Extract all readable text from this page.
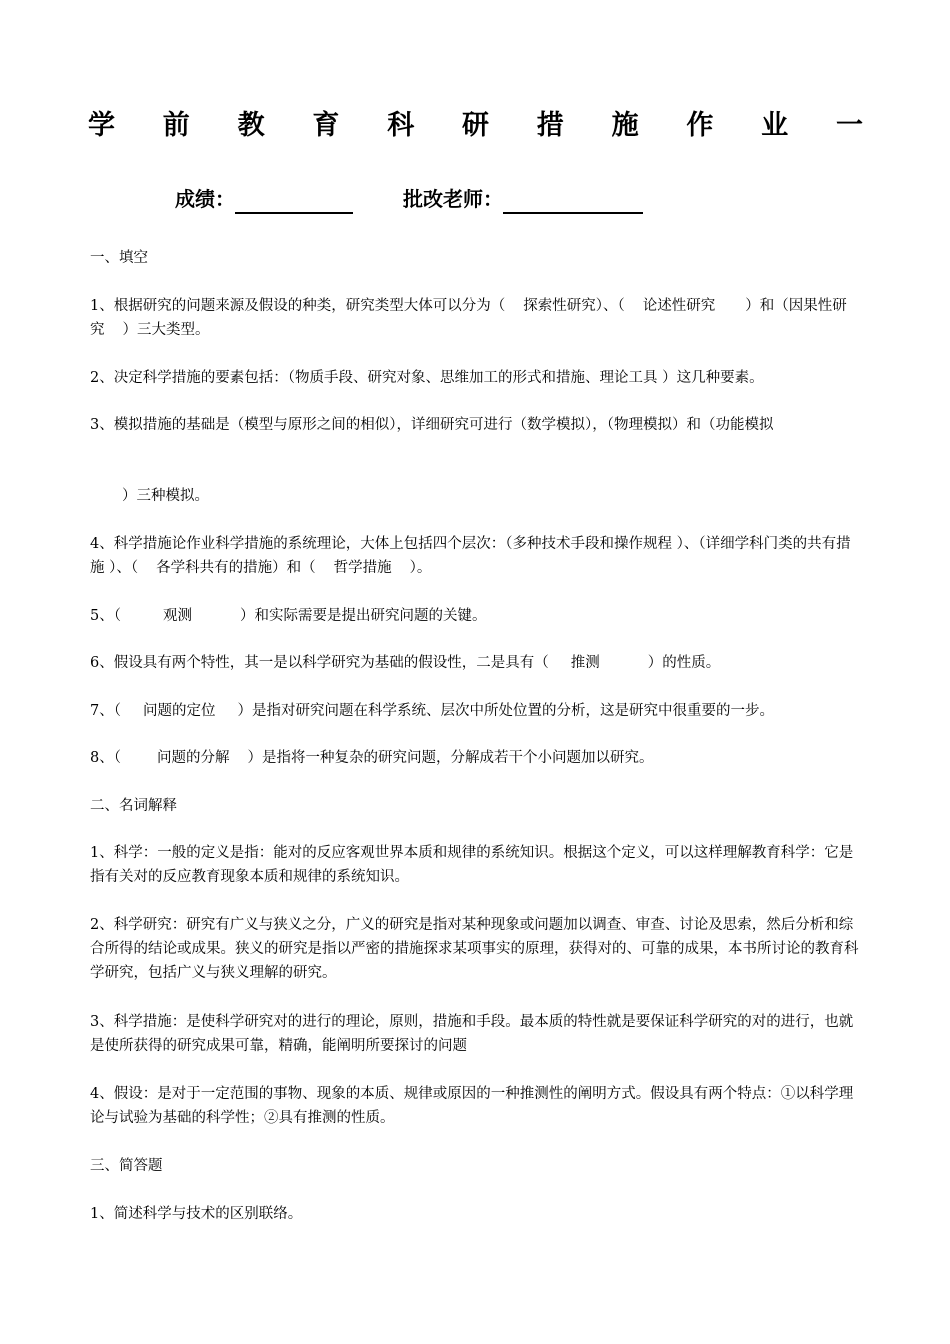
学 前 教 育 科 研 措 施 作 业 一
成绩：	批改老师：

一、填空

1、根据研究的问题来源及假设的种类，研究类型大体可以分为（ 探索性研究）、（ 论述性研究 ）和（因果性研究 ）三大类型。

2、决定科学措施的要素包括：（物质手段、研究对象、思维加工的形式和措施、理论工具 ）这几种要素。

3、模拟措施的基础是（模型与原形之间的相似），详细研究可进行（数学模拟），（物理模拟）和（功能模拟

）三种模拟。

4、科学措施论作业科学措施的系统理论，大体上包括四个层次：（多种技术手段和操作规程 ）、（详细学科门类的共有措施 ）、（ 各学科共有的措施）和（ 哲学措施 ）。

5、（	观测	）和实际需要是提出研究问题的关键。

6、假设具有两个特性，其一是以科学研究为基础的假设性，二是具有（ 推测	）的性质。

7、（ 问题的定位 ）是指对研究问题在科学系统、层次中所处位置的分析，这是研究中很重要的一步。

8、（ 问题的分解 ）是指将一种复杂的研究问题，分解成若干个小问题加以研究。

二、名词解释

1、科学：一般的定义是指：能对的反应客观世界本质和规律的系统知识。根据这个定义，可以这样理解教育科学：它是指有关对的反应教育现象本质和规律的系统知识。

2、科学研究：研究有广义与狭义之分，广义的研究是指对某种现象或问题加以调查、审查、讨论及思索，然后分析和综合所得的结论或成果。狭义的研究是指以严密的措施探求某项事实的原理，获得对的、可靠的成果，本书所讨论的教育科学研究，包括广义与狭义理解的研究。

3、科学措施：是使科学研究对的进行的理论，原则，措施和手段。最本质的特性就是要保证科学研究的对的进行，也就是使所获得的研究成果可靠，精确，能阐明所要探讨的问题

4、假设：是对于一定范围的事物、现象的本质、规律或原因的一种推测性的阐明方式。假设具有两个特点：①以科学理论与试验为基础的科学性；②具有推测的性质。

三、简答题

1、简述科学与技术的区别联络。
